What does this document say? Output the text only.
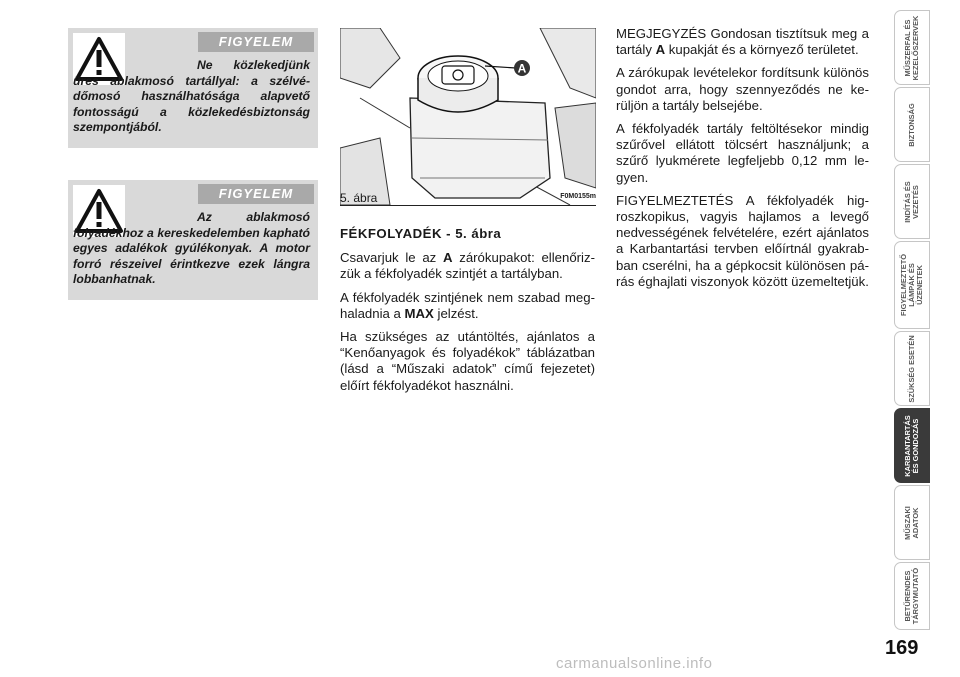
FIGYELEM
Ne közlekedjünk üres ablakmosó tartállyal: a szélvédőmosó használhatósága alapvető fontosságú a közlekedésbiztonság szempontjából.
FIGYELEM
Az ablakmosó folyadékhoz a kereskedelemben kapható egyes adalékok gyúlékonyak. A motor forró részeivel érintkezve ezek lángra lobbanhatnak.
A
5. ábra	F0M0155m
FÉKFOLYADÉK - 5. ábra

Csavarjuk le az A zárókupakot: ellenőrizzük a fékfolyadék szintjét a tartályban.

A fékfolyadék szintjének nem szabad meghaladnia a MAX jelzést.

Ha szükséges az utántöltés, ajánlatos a “Kenőanyagok és folyadékok” táblázatban (lásd a “Műszaki adatok” című fejezetet) előírt fékfolyadékot használni.

MEGJEGYZÉS Gondosan tisztítsuk meg a tartály A kupakját és a környező területet.

A zárókupak levételekor fordítsunk különös gondot arra, hogy szennyeződés ne kerüljön a tartály belsejébe.

A fékfolyadék tartály feltöltésekor mindig szűrővel ellátott tölcsért használjunk; a szűrő lyukmérete legfeljebb 0,12 mm legyen.

FIGYELMEZTETÉS A fékfolyadék higroszkopikus, vagyis hajlamos a levegő nedvességének felvételére, ezért ajánlatos a Karbantartási tervben előírtnál gyakrabban cserélni, ha a gépkocsit különösen párás éghajlati viszonyok között üzemeltetjük.

MŰSZERFAL ÉS
KEZELŐSZERVEK
BIZTONSÁG
INDÍTÁS ÉS
VEZETÉS
FIGYELMEZTETŐ
LÁMPÁK ÉS
ÜZENETEK
SZÜKSÉG ESETÉN
KARBANTARTÁS
ÉS GONDOZÁS
MŰSZAKI
ADATOK
BETŰRENDES
TÁRGYMUTATÓ
169
carmanualsonline.info
